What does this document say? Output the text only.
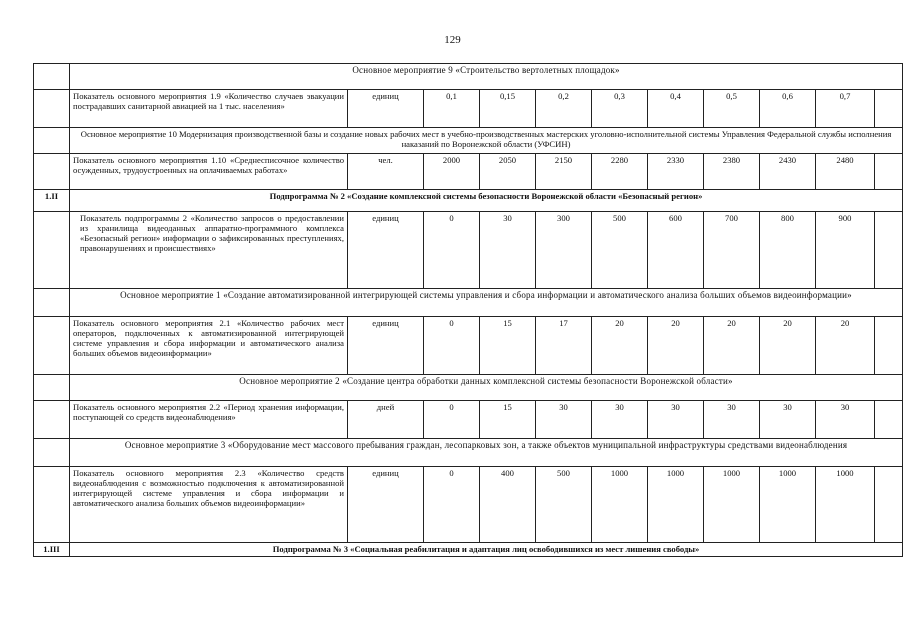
129
	Основное мероприятие 9 «Строительство вертолетных площадок»										
	Показатель основного мероприятия 1.9 «Количество случаев эвакуации пострадавших санитарной авиацией на 1 тыс. населения»	единиц	0,1	0,15	0,2	0,3	0,4	0,5	0,6	0,7	
	Основное мероприятие 10 Модернизация производственной базы и создание новых рабочих мест в учебно-производственных мастерских уголовно-исполнительной системы Управления Федеральной службы исполнения наказаний по Воронежской области (УФСИН)										
	Показатель основного мероприятия 1.10 «Среднесписочное количество осужденных, трудоустроенных на оплачиваемых работах»	чел.	2000	2050	2150	2280	2330	2380	2430	2480	
1.II	Подпрограмма № 2 «Создание комплексной системы безопасности Воронежской области «Безопасный регион»										
	Показатель подпрограммы 2 «Количество запросов о предоставлении из хранилища видеоданных аппаратно-программного комплекса «Безопасный регион» информации о зафиксированных преступлениях, правонарушениях и происшествиях»	единиц	0	30	300	500	600	700	800	900	
	Основное мероприятие 1 «Создание автоматизированной интегрирующей системы управления и сбора информации и автоматического анализа больших объемов видеоинформации»										
	Показатель основного мероприятия 2.1 «Количество рабочих мест операторов, подключенных к автоматизированной интегрирующей системе управления и сбора информации и автоматического анализа больших объемов видеоинформации»	единиц	0	15	17	20	20	20	20	20	
	Основное мероприятие 2 «Создание центра обработки данных комплексной системы безопасности Воронежской области»										
	Показатель основного мероприятия 2.2 «Период хранения информации, поступающей со средств видеонаблюдения»	дней	0	15	30	30	30	30	30	30	
	Основное мероприятие 3 «Оборудование мест массового пребывания граждан, лесопарковых зон, а также объектов муниципальной инфраструктуры средствами видеонаблюдения										
	Показатель основного мероприятия 2.3 «Количество средств видеонаблюдения с возможностью подключения к автоматизированной интегрирующей системе управления и сбора информации и автоматического анализа больших объемов видеоинформации»	единиц	0	400	500	1000	1000	1000	1000	1000	
1.III	Подпрограмма № 3 «Социальная реабилитация и адаптация лиц освободившихся из мест лишения свободы»										
